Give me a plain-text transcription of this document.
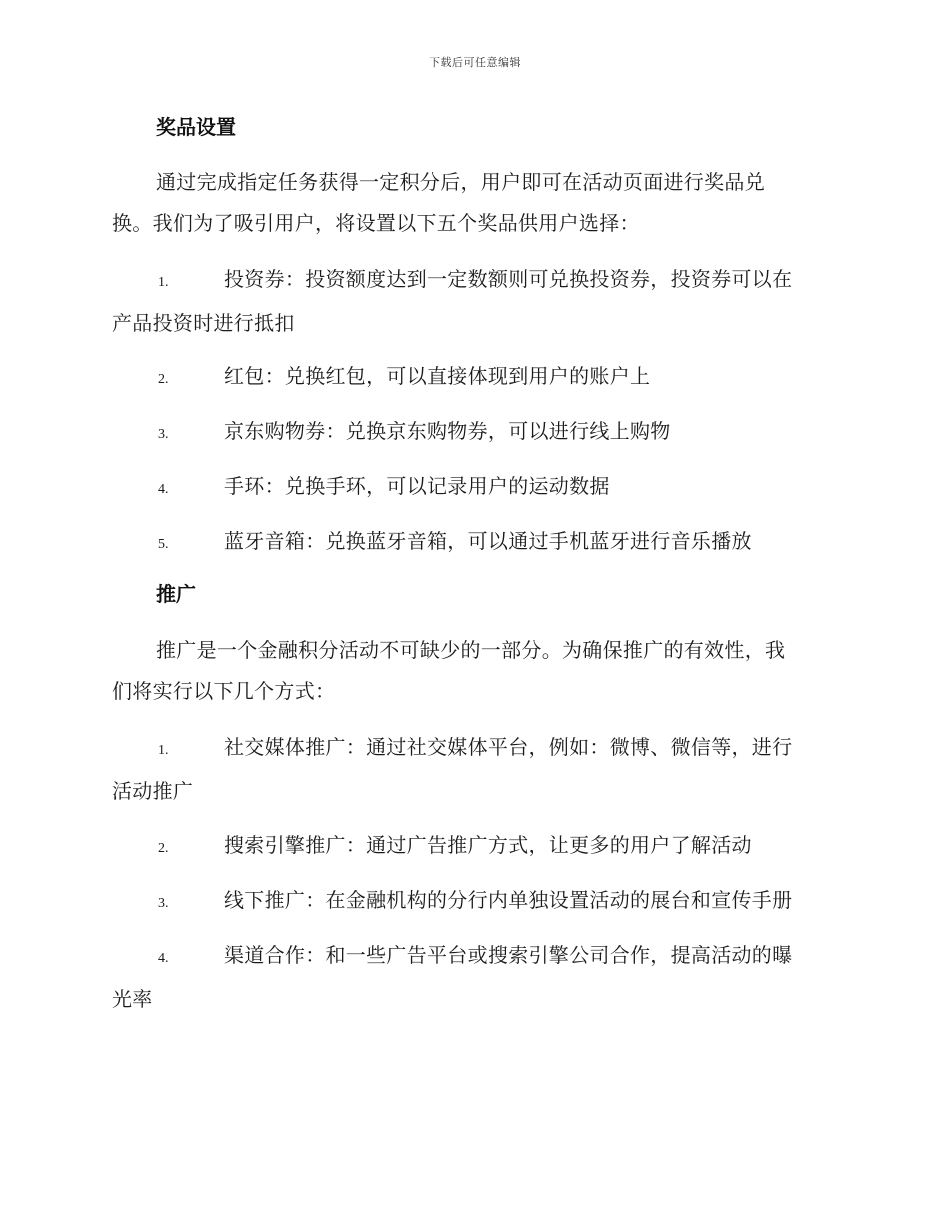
下载后可任意编辑
奖品设置
通过完成指定任务获得一定积分后，用户即可在活动页面进行奖品兑
换。我们为了吸引用户，将设置以下五个奖品供用户选择：
1.	投资券：投资额度达到一定数额则可兑换投资券，投资券可以在
产品投资时进行抵扣
2.	红包：兑换红包，可以直接体现到用户的账户上
3.	京东购物券：兑换京东购物券，可以进行线上购物
4.	手环：兑换手环，可以记录用户的运动数据
5.	蓝牙音箱：兑换蓝牙音箱，可以通过手机蓝牙进行音乐播放
推广
推广是一个金融积分活动不可缺少的一部分。为确保推广的有效性，我
们将实行以下几个方式：
1.	社交媒体推广：通过社交媒体平台，例如：微博、微信等，进行
活动推广
2.	搜索引擎推广：通过广告推广方式，让更多的用户了解活动
3.	线下推广：在金融机构的分行内单独设置活动的展台和宣传手册
4.	渠道合作：和一些广告平台或搜索引擎公司合作，提高活动的曝
光率
